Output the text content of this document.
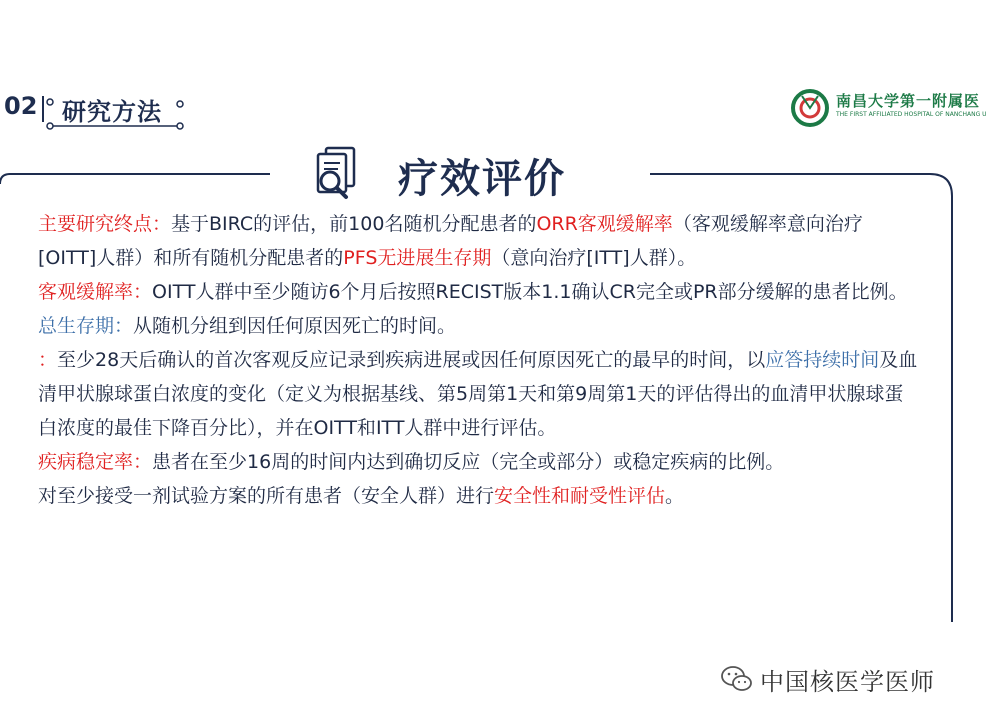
02 研究方法	南昌大学第一附属医
THE FIRST AFFILIATED HOSPITAL OF NANCHANG U
疗效评价

主要研究终点：基于BIRC的评估，前100名随机分配患者的ORR客观缓解率（客观缓解率意向治疗[OITT]人群）和所有随机分配患者的PFS无进展生存期（意向治疗[ITT]人群）。

客观缓解率：OITT人群中至少随访6个月后按照RECIST版本1.1确认CR完全或PR部分缓解的患者比例。

总生存期：从随机分组到因任何原因死亡的时间。

：至少28天后确认的首次客观反应记录到疾病进展或因任何原因死亡的最早的时间，以应答持续时间及血清甲状腺球蛋白浓度的变化（定义为根据基线、第5周第1天和第9周第1天的评估得出的血清甲状腺球蛋白浓度的最佳下降百分比），并在OITT和ITT人群中进行评估。

疾病稳定率：患者在至少16周的时间内达到确切反应（完全或部分）或稳定疾病的比例。

对至少接受一剂试验方案的所有患者（安全人群）进行安全性和耐受性评估。

中国核医学医师
